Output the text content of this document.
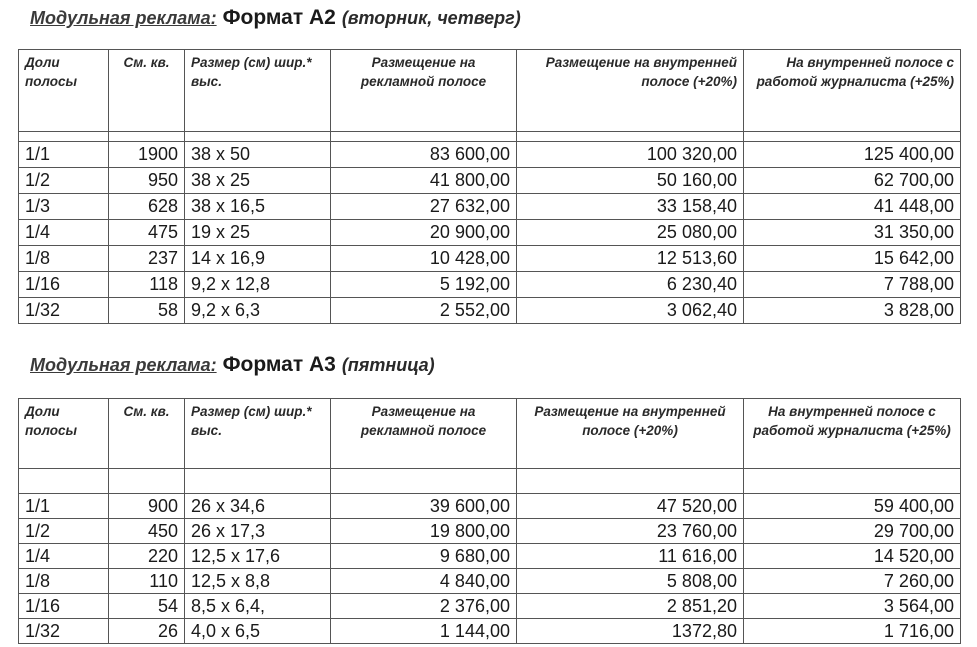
Модульная реклама: Формат А2 (вторник, четверг)
Доли полосы	См. кв.	Размер (см) шир.* выс.	Размещение на рекламной полосе	Размещение на внутренней полосе (+20%)	На внутренней полосе с работой журналиста (+25%)

1/1	1900	38 х 50	83 600,00	100 320,00	125 400,00
1/2	950	38 х 25	41 800,00	50 160,00	62 700,00
1/3	628	38 х 16,5	27 632,00	33 158,40	41 448,00
1/4	475	19 х 25	20 900,00	25 080,00	31 350,00
1/8	237	14 х 16,9	10 428,00	12 513,60	15 642,00
1/16	118	9,2 х 12,8	5 192,00	6 230,40	7 788,00
1/32	58	9,2 х 6,3	2 552,00	3 062,40	3 828,00
Модульная реклама: Формат А3 (пятница)
Доли полосы	См. кв.	Размер (см) шир.* выс.	Размещение на рекламной полосе	Размещение на внутренней полосе (+20%)	На внутренней полосе с работой журналиста (+25%)

1/1	900	26 х 34,6	39 600,00	47 520,00	59 400,00
1/2	450	26 х 17,3	19 800,00	23 760,00	29 700,00
1/4	220	12,5 х 17,6	9 680,00	11 616,00	14 520,00
1/8	110	12,5 х 8,8	4 840,00	5 808,00	7 260,00
1/16	54	8,5 х 6,4,	2 376,00	2 851,20	3 564,00
1/32	26	4,0 х 6,5	1 144,00	1372,80	1 716,00
